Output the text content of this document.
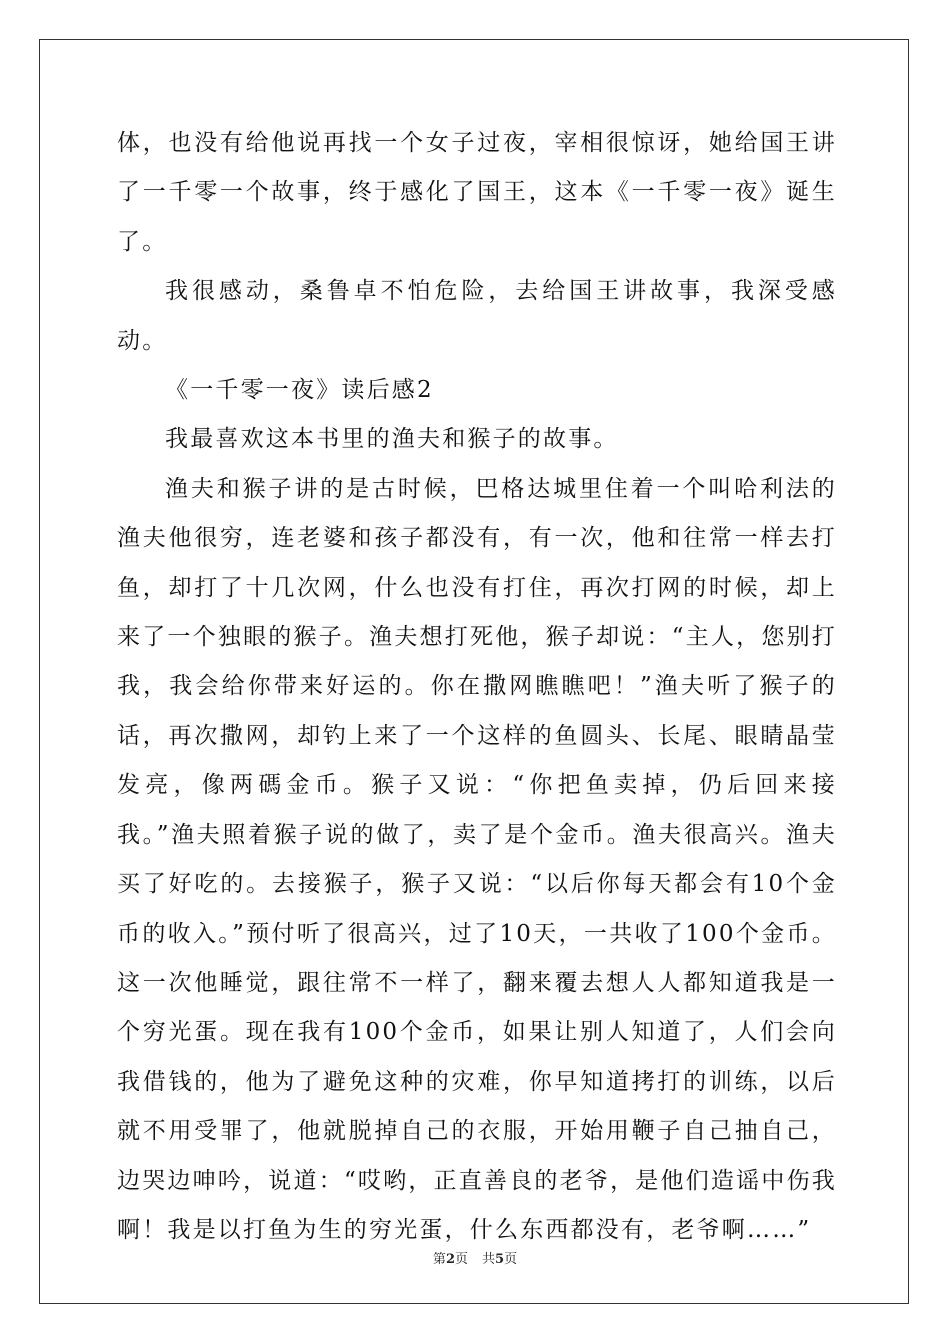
体，也没有给他说再找一个女子过夜，宰相很惊讶，她给国王讲了一千零一个故事，终于感化了国王，这本《一千零一夜》诞生了。

我很感动，桑鲁卓不怕危险，去给国王讲故事，我深受感动。

《一千零一夜》读后感2

我最喜欢这本书里的渔夫和猴子的故事。

渔夫和猴子讲的是古时候，巴格达城里住着一个叫哈利法的渔夫他很穷，连老婆和孩子都没有，有一次，他和往常一样去打鱼，却打了十几次网，什么也没有打住，再次打网的时候，却上来了一个独眼的猴子。渔夫想打死他，猴子却说：“主人，您别打我，我会给你带来好运的。你在撒网瞧瞧吧！”渔夫听了猴子的话，再次撒网，却钓上来了一个这样的鱼圆头、长尾、眼睛晶莹发亮，像两碼金币。猴子又说：“你把鱼卖掉，仍后回来接我。”渔夫照着猴子说的做了，卖了是个金币。渔夫很高兴。渔夫买了好吃的。去接猴子，猴子又说：“以后你每天都会有10个金币的收入。”预付听了很高兴，过了10天，一共收了100个金币。这一次他睡觉，跟往常不一样了，翻来覆去想人人都知道我是一个穷光蛋。现在我有100个金币，如果让别人知道了，人们会向我借钱的，他为了避免这种的灾难，你早知道拷打的训练，以后就不用受罪了，他就脱掉自己的衣服，开始用鞭子自己抽自己，边哭边呻吟，说道：“哎哟，正直善良的老爷，是他们造谣中伤我啊！我是以打鱼为生的穷光蛋，什么东西都没有，老爷啊……”

第2页 共5页
